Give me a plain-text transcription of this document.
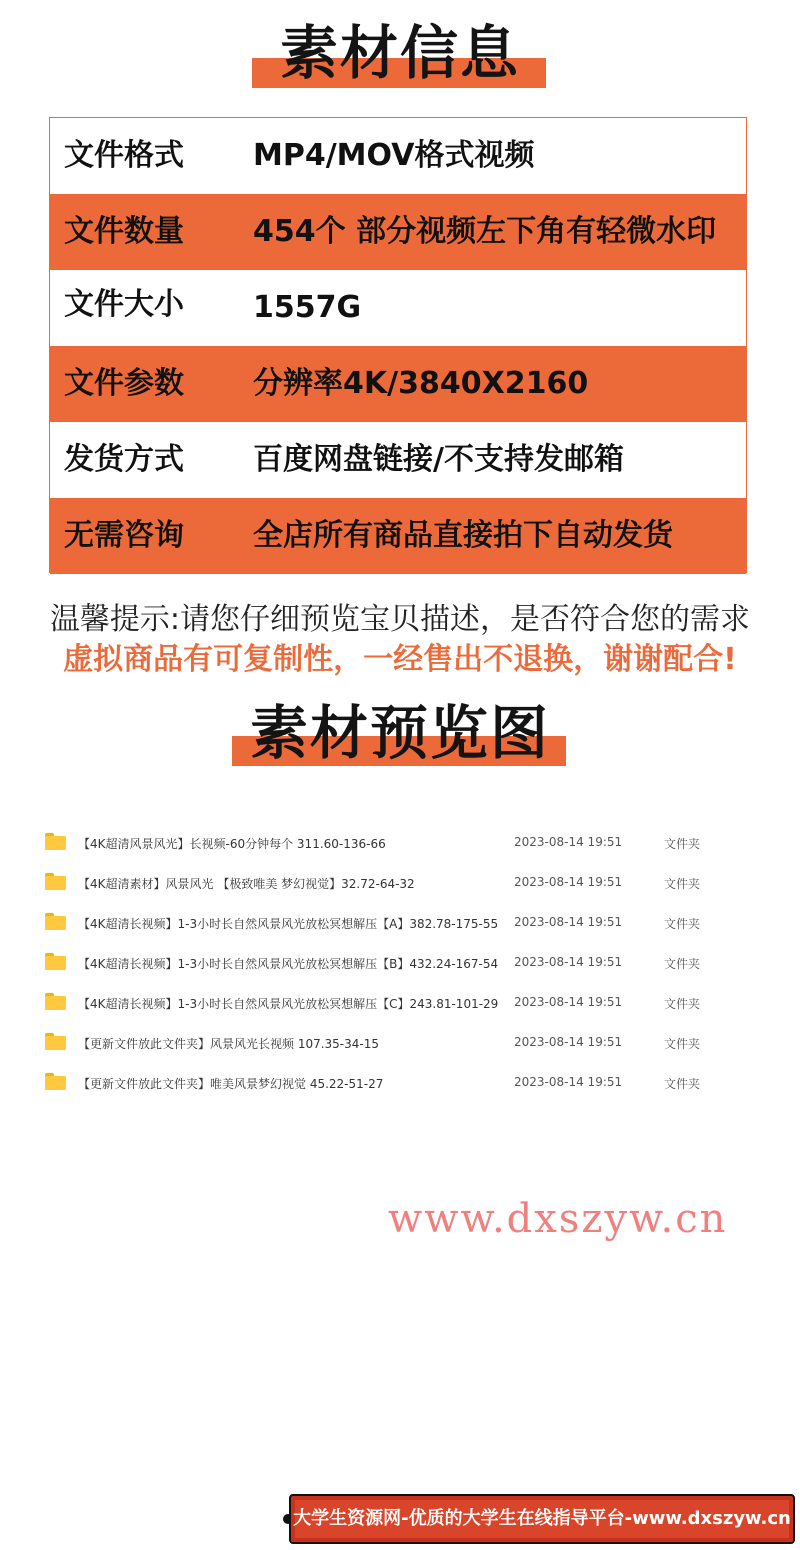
素材信息
文件格式 MP4/MOV格式视频
文件数量 454个 部分视频左下角有轻微水印
文件大小 1557G
文件参数 分辨率4K/3840X2160
发货方式 百度网盘链接/不支持发邮箱
无需咨询 全店所有商品直接拍下自动发货
温馨提示:请您仔细预览宝贝描述，是否符合您的需求
虚拟商品有可复制性，一经售出不退换，谢谢配合!
素材预览图
【4K超清风景风光】长视频-60分钟每个 311.60-136-66	2023-08-14 19:51	文件夹
【4K超清素材】风景风光 【极致唯美 梦幻视觉】32.72-64-32	2023-08-14 19:51	文件夹
【4K超清长视频】1-3小时长自然风景风光放松冥想解压【A】382.78-175-55 2023-08-14 19:51	文件夹
【4K超清长视频】1-3小时长自然风景风光放松冥想解压【B】432.24-167-54 2023-08-14 19:51	文件夹
【4K超清长视频】1-3小时长自然风景风光放松冥想解压【C】243.81-101-29 2023-08-14 19:51	文件夹
【更新文件放此文件夹】风景风光长视频 107.35-34-15	2023-08-14 19:51	文件夹
【更新文件放此文件夹】唯美风景梦幻视觉 45.22-51-27	2023-08-14 19:51	文件夹
www.dxszyw.cn
大学生资源网-优质的大学生在线指导平台-www.dxszyw.cn
